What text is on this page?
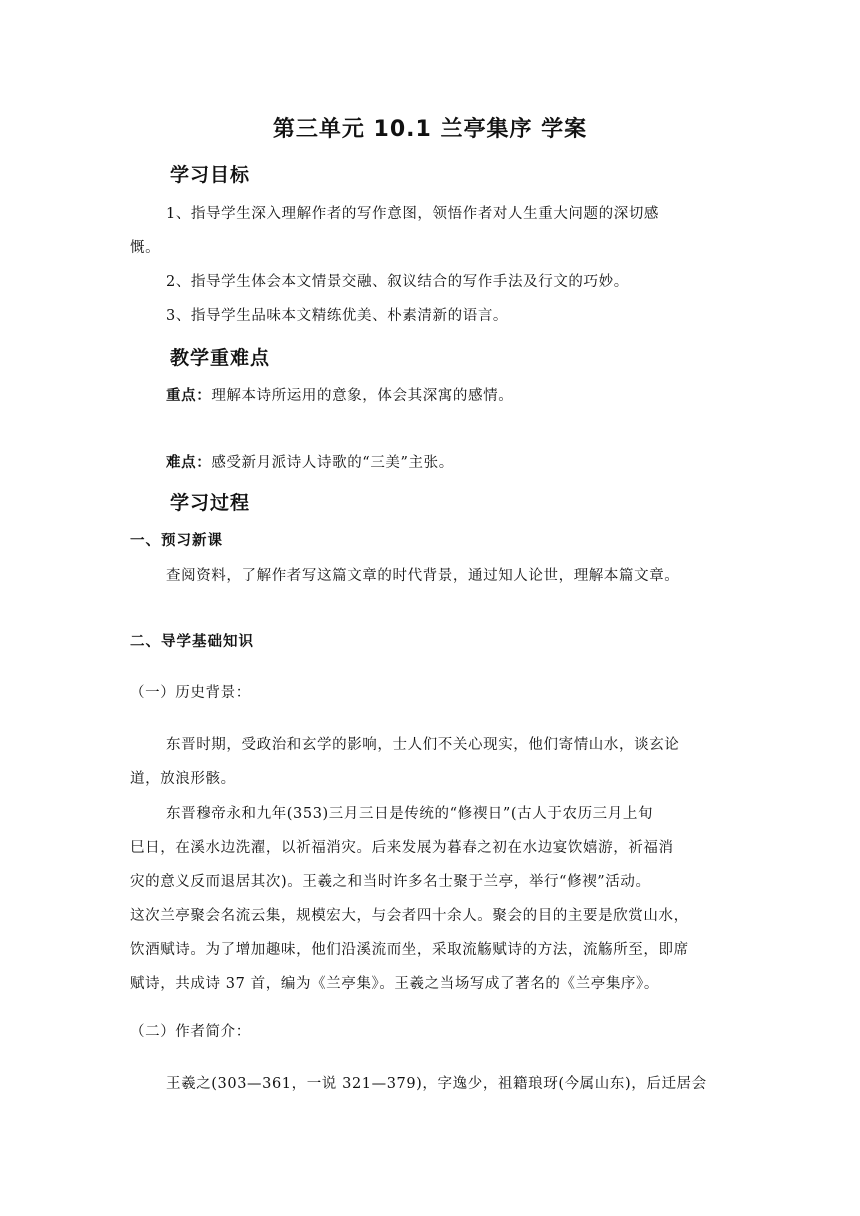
第三单元 10.1 兰亭集序 学案
学习目标
1、指导学生深入理解作者的写作意图，领悟作者对人生重大问题的深切感
慨。
2、指导学生体会本文情景交融、叙议结合的写作手法及行文的巧妙。
3、指导学生品味本文精练优美、朴素清新的语言。
教学重难点
重点：理解本诗所运用的意象，体会其深寓的感情。
难点：感受新月派诗人诗歌的“三美”主张。
学习过程
一、预习新课
查阅资料，了解作者写这篇文章的时代背景，通过知人论世，理解本篇文章。
二、导学基础知识
（一）历史背景：
东晋时期，受政治和玄学的影响，士人们不关心现实，他们寄情山水，谈玄论
道，放浪形骸。
东晋穆帝永和九年(353)三月三日是传统的“修禊日”(古人于农历三月上旬
巳日，在溪水边洗濯，以祈福消灾。后来发展为暮春之初在水边宴饮嬉游，祈福消
灾的意义反而退居其次)。王羲之和当时许多名士聚于兰亭，举行“修禊”活动。
这次兰亭聚会名流云集，规模宏大，与会者四十余人。聚会的目的主要是欣赏山水，
饮酒赋诗。为了增加趣味，他们沿溪流而坐，采取流觞赋诗的方法，流觞所至，即席
赋诗，共成诗 37 首，编为《兰亭集》。王羲之当场写成了著名的《兰亭集序》。
（二）作者简介：
王羲之(303—361，一说 321—379)，字逸少，祖籍琅玡(今属山东)，后迁居会
